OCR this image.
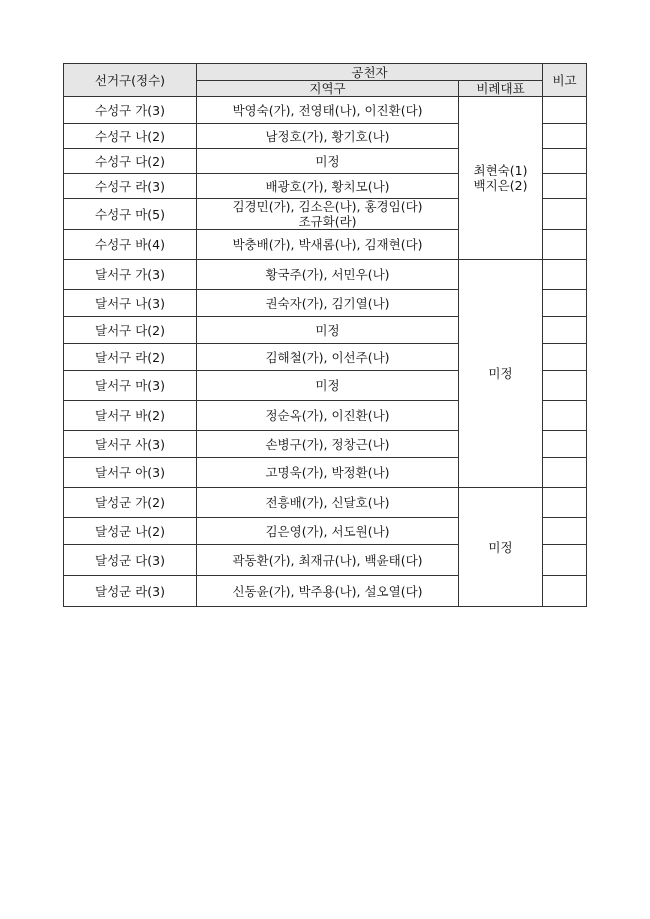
선거구(정수)	공천자		비고
	지역구	비례대표	
수성구 가(3)	박영숙(가), 전영태(나), 이진환(다)	최현숙(1)
백지은(2)	

수성구 나(2)	남정호(가), 황기호(나)		
수성구 다(2)	미정		
수성구 라(3)	배광호(가), 황치모(나)		
수성구 마(5)	김경민(가), 김소은(나), 홍경임(다)
조규화(라)		

수성구 바(4)	박충배(가), 박새롬(나), 김재현(다)		
달서구 가(3)	황국주(가), 서민우(나)	미정	

달서구 나(3)	권숙자(가), 김기열(나)		
달서구 다(2)	미정		
달서구 라(2)	김해철(가), 이선주(나)		
달서구 마(3)	미정		
달서구 바(2)	정순옥(가), 이진환(나)		
달서구 사(3)	손병구(가), 정창근(나)		
달서구 아(3)	고명욱(가), 박정환(나)		
달성군 가(2)	전흥배(가), 신달호(나)	미정	

달성군 나(2)	김은영(가), 서도원(나)		
달성군 다(3)	곽동환(가), 최재규(나), 백윤태(다)		
달성군 라(3)	신동윤(가), 박주용(나), 설오열(다)		
